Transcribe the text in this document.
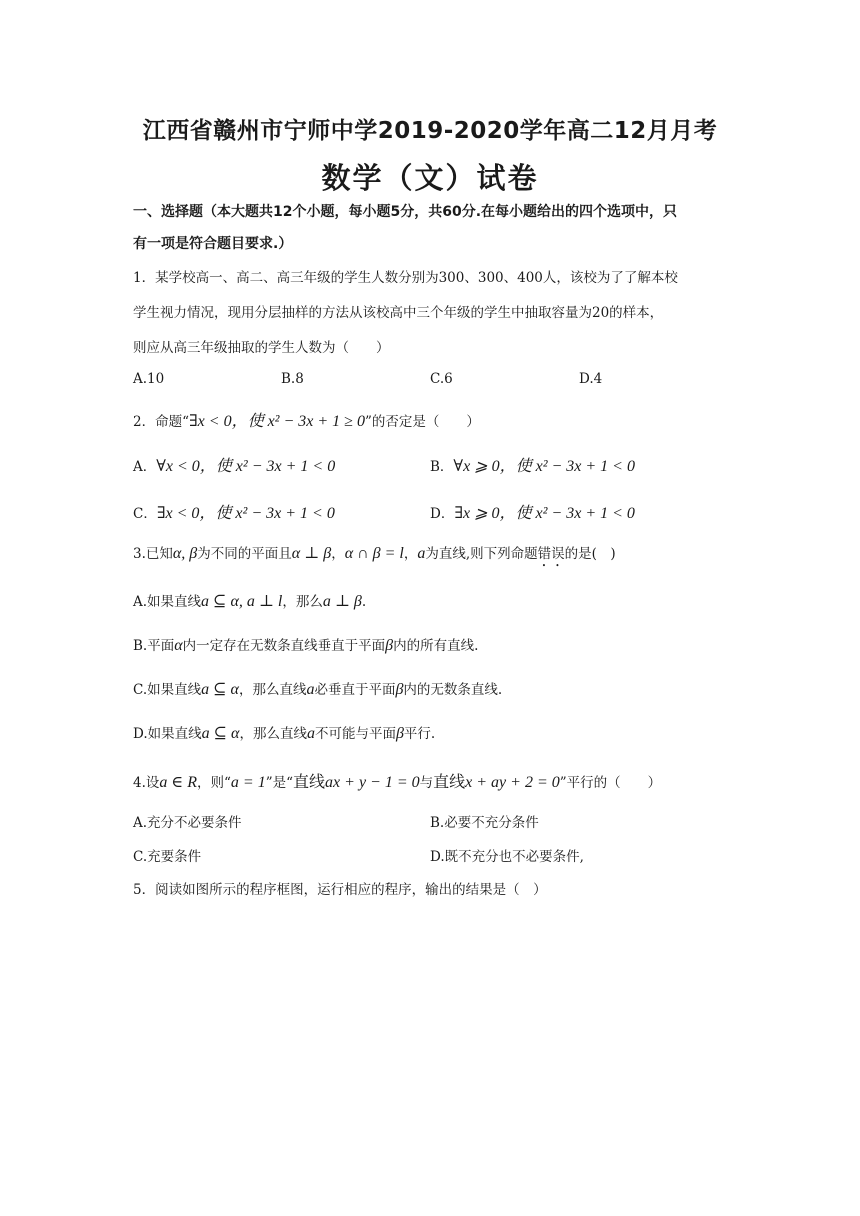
江西省赣州市宁师中学2019-2020学年高二12月月考
数学（文）试卷
一、选择题（本大题共12个小题，每小题5分，共60分.在每小题给出的四个选项中，只
有一项是符合题目要求.）
1．某学校高一、高二、高三年级的学生人数分别为300、300、400人，该校为了了解本校
学生视力情况，现用分层抽样的方法从该校高中三个年级的学生中抽取容量为20的样本，
则应从高三年级抽取的学生人数为（　　）
A.10	B.8	C.6	D.4
2．命题“∃x < 0，使 x² − 3x + 1 ≥ 0”的否定是（　　）
A．∀x < 0，使 x² − 3x + 1 < 0	B．∀x ⩾ 0，使 x² − 3x + 1 < 0
C．∃x < 0，使 x² − 3x + 1 < 0	D．∃x ⩾ 0，使 x² − 3x + 1 < 0
3.已知α, β为不同的平面且α ⊥ β，α ∩ β = l，a为直线,则下列命题错误的是(　)
A.如果直线a ⊆ α, a ⊥ l，那么a ⊥ β.
B.平面α内一定存在无数条直线垂直于平面β内的所有直线.
C.如果直线a ⊆ α，那么直线a必垂直于平面β内的无数条直线.
D.如果直线a ⊆ α，那么直线a不可能与平面β平行.
4.设a ∈ R，则“a = 1”是“直线ax + y − 1 = 0与直线x + ay + 2 = 0”平行的（　　）
A.充分不必要条件	B.必要不充分条件
C.充要条件	D.既不充分也不必要条件,
5．阅读如图所示的程序框图，运行相应的程序，输出的结果是（　）
